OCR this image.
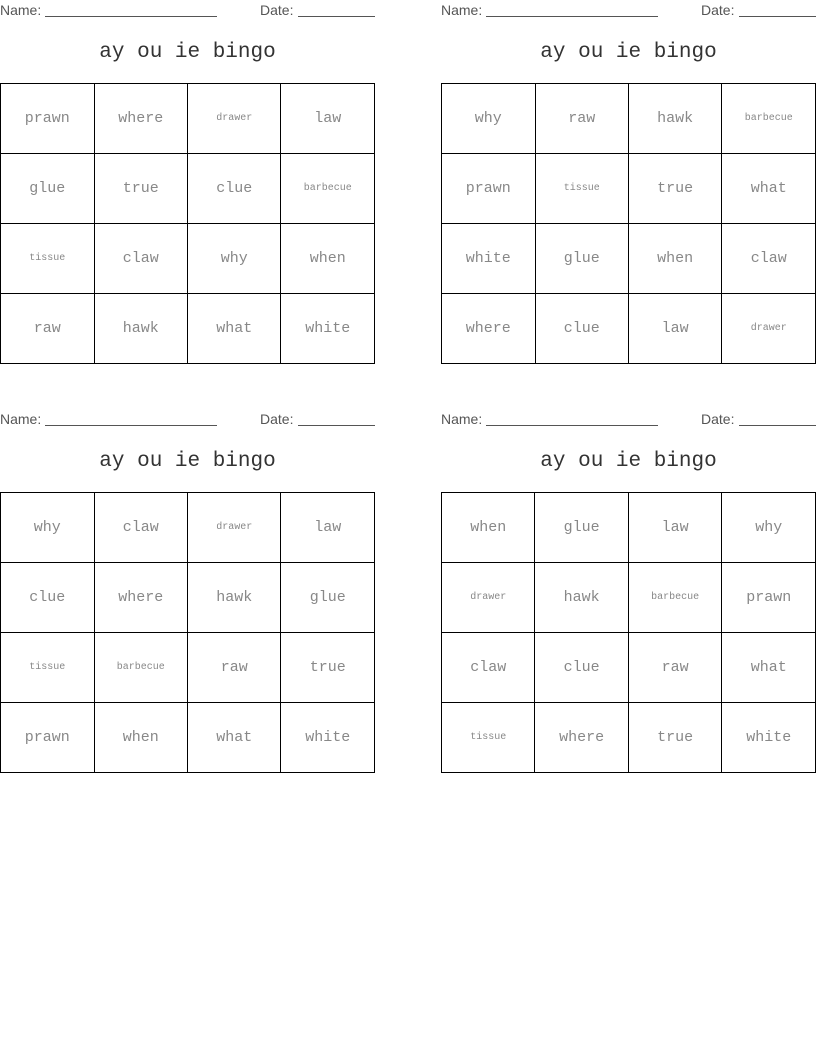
Name:	Date:
ay ou ie bingo
prawn	where	drawer	law
glue	true	clue	barbecue
tissue	claw	why	when
raw	hawk	what	white
Name:	Date:
ay ou ie bingo
why	raw	hawk	barbecue
prawn	tissue	true	what
white	glue	when	claw
where	clue	law	drawer
Name:	Date:
ay ou ie bingo
why	claw	drawer	law
clue	where	hawk	glue
tissue	barbecue	raw	true
prawn	when	what	white
Name:	Date:
ay ou ie bingo
when	glue	law	why
drawer	hawk	barbecue	prawn
claw	clue	raw	what
tissue	where	true	white
